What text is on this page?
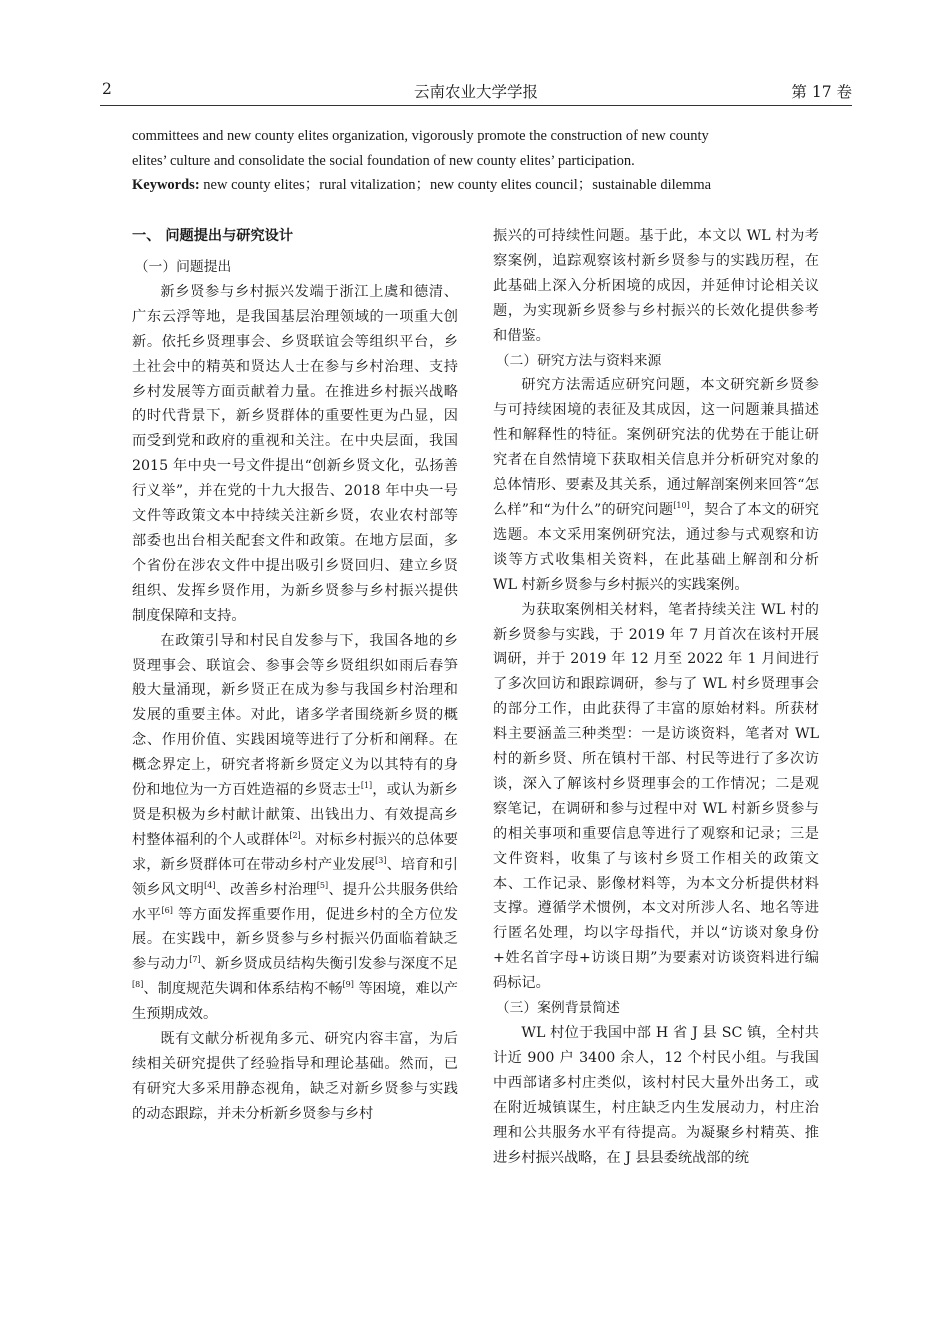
2	云南农业大学学报	第 17 卷

committees and new county elites organization, vigorously promote the construction of new county

elites’ culture and consolidate the social foundation of new county elites’ participation.

Keywords: new county elites；rural vitalization；new county elites council；sustainable dilemma

一、 问题提出与研究设计
（一）问题提出

新乡贤参与乡村振兴发端于浙江上虞和德清、广东云浮等地，是我国基层治理领域的一项重大创新。依托乡贤理事会、乡贤联谊会等组织平台，乡土社会中的精英和贤达人士在参与乡村治理、支持乡村发展等方面贡献着力量。在推进乡村振兴战略的时代背景下，新乡贤群体的重要性更为凸显，因而受到党和政府的重视和关注。在中央层面，我国 2015 年中央一号文件提出“创新乡贤文化，弘扬善行义举”，并在党的十九大报告、2018 年中央一号文件等政策文本中持续关注新乡贤，农业农村部等部委也出台相关配套文件和政策。在地方层面，多个省份在涉农文件中提出吸引乡贤回归、建立乡贤组织、发挥乡贤作用，为新乡贤参与乡村振兴提供制度保障和支持。

在政策引导和村民自发参与下，我国各地的乡贤理事会、联谊会、参事会等乡贤组织如雨后春笋般大量涌现，新乡贤正在成为参与我国乡村治理和发展的重要主体。对此，诸多学者围绕新乡贤的概念、作用价值、实践困境等进行了分析和阐释。在概念界定上，研究者将新乡贤定义为以其特有的身份和地位为一方百姓造福的乡贤志士[1]，或认为新乡贤是积极为乡村献计献策、出钱出力、有效提高乡村整体福利的个人或群体[2]。对标乡村振兴的总体要求，新乡贤群体可在带动乡村产业发展[3]、培育和引领乡风文明[4]、改善乡村治理[5]、提升公共服务供给水平[6] 等方面发挥重要作用，促进乡村的全方位发展。在实践中，新乡贤参与乡村振兴仍面临着缺乏参与动力[7]、新乡贤成员结构失衡引发参与深度不足[8]、制度规范失调和体系结构不畅[9] 等困境，难以产生预期成效。

既有文献分析视角多元、研究内容丰富，为后续相关研究提供了经验指导和理论基础。然而，已有研究大多采用静态视角，缺乏对新乡贤参与实践的动态跟踪，并未分析新乡贤参与乡村

振兴的可持续性问题。基于此，本文以 WL 村为考察案例，追踪观察该村新乡贤参与的实践历程，在此基础上深入分析困境的成因，并延伸讨论相关议题，为实现新乡贤参与乡村振兴的长效化提供参考和借鉴。

（二）研究方法与资料来源

研究方法需适应研究问题，本文研究新乡贤参与可持续困境的表征及其成因，这一问题兼具描述性和解释性的特征。案例研究法的优势在于能让研究者在自然情境下获取相关信息并分析研究对象的总体情形、要素及其关系，通过解剖案例来回答“怎么样”和“为什么”的研究问题[10]，契合了本文的研究选题。本文采用案例研究法，通过参与式观察和访谈等方式收集相关资料，在此基础上解剖和分析 WL 村新乡贤参与乡村振兴的实践案例。

为获取案例相关材料，笔者持续关注 WL 村的新乡贤参与实践，于 2019 年 7 月首次在该村开展调研，并于 2019 年 12 月至 2022 年 1 月间进行了多次回访和跟踪调研，参与了 WL 村乡贤理事会的部分工作，由此获得了丰富的原始材料。所获材料主要涵盖三种类型：一是访谈资料，笔者对 WL 村的新乡贤、所在镇村干部、村民等进行了多次访谈，深入了解该村乡贤理事会的工作情况；二是观察笔记，在调研和参与过程中对 WL 村新乡贤参与的相关事项和重要信息等进行了观察和记录；三是文件资料，收集了与该村乡贤工作相关的政策文本、工作记录、影像材料等，为本文分析提供材料支撑。遵循学术惯例，本文对所涉人名、地名等进行匿名处理，均以字母指代，并以“访谈对象身份+姓名首字母+访谈日期”为要素对访谈资料进行编码标记。

（三）案例背景简述

WL 村位于我国中部 H 省 J 县 SC 镇，全村共计近 900 户 3400 余人，12 个村民小组。与我国中西部诸多村庄类似，该村村民大量外出务工，或在附近城镇谋生，村庄缺乏内生发展动力，村庄治理和公共服务水平有待提高。为凝聚乡村精英、推进乡村振兴战略，在 J 县县委统战部的统
